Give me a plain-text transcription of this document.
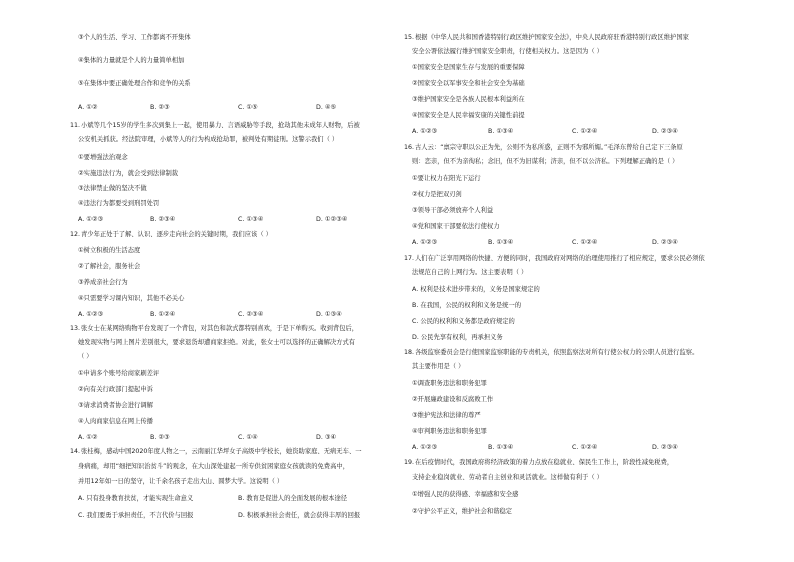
③个人的生活、学习、工作都离不开集体
④集体的力量就是个人的力量简单相加
⑤在集体中要正确处理合作和竞争的关系
A. ①②	B. ②③	C. ①⑤	D. ④⑤
11.小斌等几个15岁的学生多次到集上一起，使用暴力、言语威胁等手段，抢劫其他未成年人财物，后被
公安机关抓获。经法院审理，小斌等人的行为构成抢劫罪，被判处有期徒刑。这警示我们（ ）
①要增强法治观念
②实施违法行为，就会受到法律制裁
③法律禁止做的坚决不做
④违法行为都要受到刑罚处罚
A. ①②③	B. ②③④	C. ①③④	D. ①②③④
12.青少年正处于了解、认识、逐步走向社会的关键时期，我们应该（ ）
①树立积极的生活态度
②了解社会，服务社会
③养成亲社会行为
④只需要学习课内知识，其他不必关心
A. ①②③	B. ①②④	C. ②③④	D. ①③④
13.张女士在某网络购物平台发现了一个背包，对其色和款式都特别喜欢，于是下单购买。收到背包后，
她发现实物与网上图片差别很大，要求退货却遭商家拒绝。对此，张女士可以选择的正确解决方式有
（ ）
①申请多个账号给商家刷差评
②向有关行政部门提起申诉
③请求消费者协会进行调解
④人肉商家信息在网上传播
A. ①②	B. ②③	C. ①④	D. ③④
14.张桂梅，感动中国2020年度人物之一，云南丽江华坪女子高级中学校长，她资助家庭、无病无车、一
身病痛，却用“细把知识治贫斗”的观念，在大山深处建起一所专供贫困家庭女孩就读的免费高中，
并用12年如一日的坚守，让千余名孩子走出大山、圆梦大学。这说明（ ）
A. 只有投身教育扶贫，才能实现生命意义	B. 教育是促进人的全面发展的根本途径
C. 我们要勇于承担责任，不言代价与回报	D. 积极承担社会责任，就会获得丰厚的回报
15.根据《中华人民共和国香港特别行政区维护国家安全法》，中央人民政府驻香港特别行政区维护国家
安全公署依法履行维护国家安全职责，行使相关权力。这是因为（ ）
①国家安全是国家生存与发展的重要保障
②国家安全以军事安全和社会安全为基础
③维护国家安全是各族人民根本利益所在
④国家安全是人民幸福安康的关键性前提
A. ①②③	B. ①③④	C. ①②④	D. ②③④
16.古人云：“禀宗守职以公正为先，公则不为私所惑，正则不为邪所媚。”毛泽东曾给自己定下三条原
则：恋亲，但不为亲徇私；念旧，但不为旧谋利；济亲，但不以公济私。下列理解正确的是（ ）
①要让权力在阳光下运行
②权力是把双刃剑
③领导干部必须放弃个人利益
④党和国家干部要依法行使权力
A. ①②③	B. ①③④	C. ①②④	D. ②③④
17.人们在广泛享用网络的快捷、方便的同时，我国政府对网络的治理使用推行了相应规定，要求公民必须依
法规范自己的上网行为。这主要表明（ ）
A. 权利是技术进步带来的，义务是国家规定的
B. 在我国，公民的权利和义务是统一的
C. 公民的权利和义务都是政府规定的
D. 公民先享有权利，再承担义务
18.各级监察委员会是行使国家监察职能的专责机关，依照监察法对所有行使公权力的公职人员进行监察。
其主要作用是（ ）
①调查职务违法和职务犯罪
②开展廉政建设和反腐败工作
③维护宪法和法律的尊严
④审判职务违法和职务犯罪
A. ①②③	B. ①③④	C. ①②④	D. ②③④
19.在后疫情时代，我国政府将经济政策的着力点放在稳就业、保民生工作上，阶段性减免税费，
支持企业稳岗就业、劳动者自主创业和灵活就业。这样做有利于（ ）
①增强人民的获得感、幸福感和安全感
②守护公平正义，维护社会和谐稳定
